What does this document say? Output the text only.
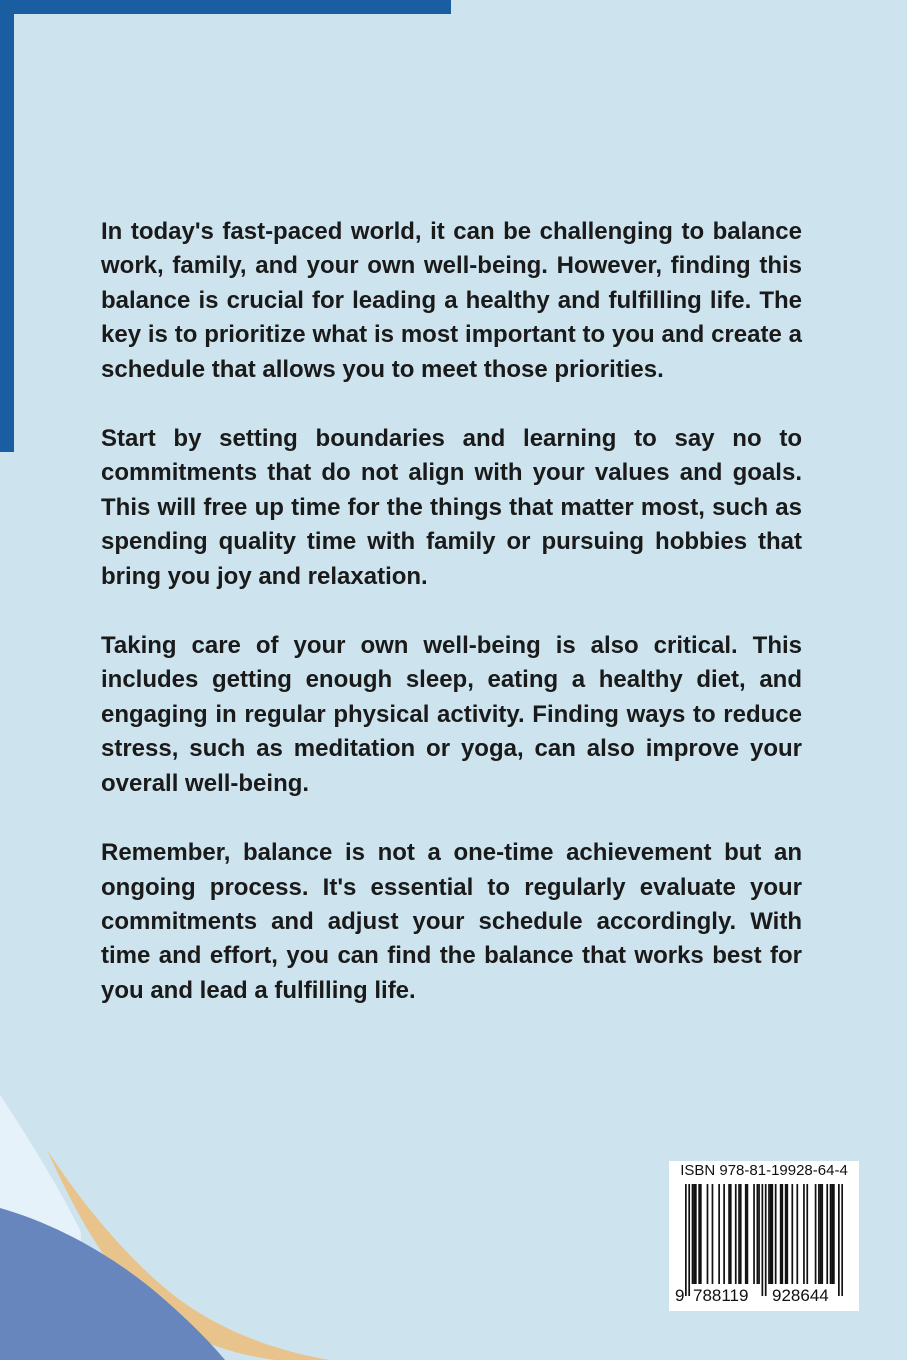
In today's fast-paced world, it can be challenging to balance work, family, and your own well-being. However, finding this balance is crucial for leading a healthy and fulfilling life. The key is to prioritize what is most important to you and create a schedule that allows you to meet those priorities.

Start by setting boundaries and learning to say no to commitments that do not align with your values and goals. This will free up time for the things that matter most, such as spending quality time with family or pursuing hobbies that bring you joy and relaxation.

Taking care of your own well-being is also critical. This includes getting enough sleep, eating a healthy diet, and engaging in regular physical activity. Finding ways to reduce stress, such as meditation or yoga, can also improve your overall well-being.

Remember, balance is not a one-time achievement but an ongoing process. It's essential to regularly evaluate your commitments and adjust your schedule accordingly. With time and effort, you can find the balance that works best for you and lead a fulfilling life.

ISBN 978-81-19928-64-4
9 788119 928644
